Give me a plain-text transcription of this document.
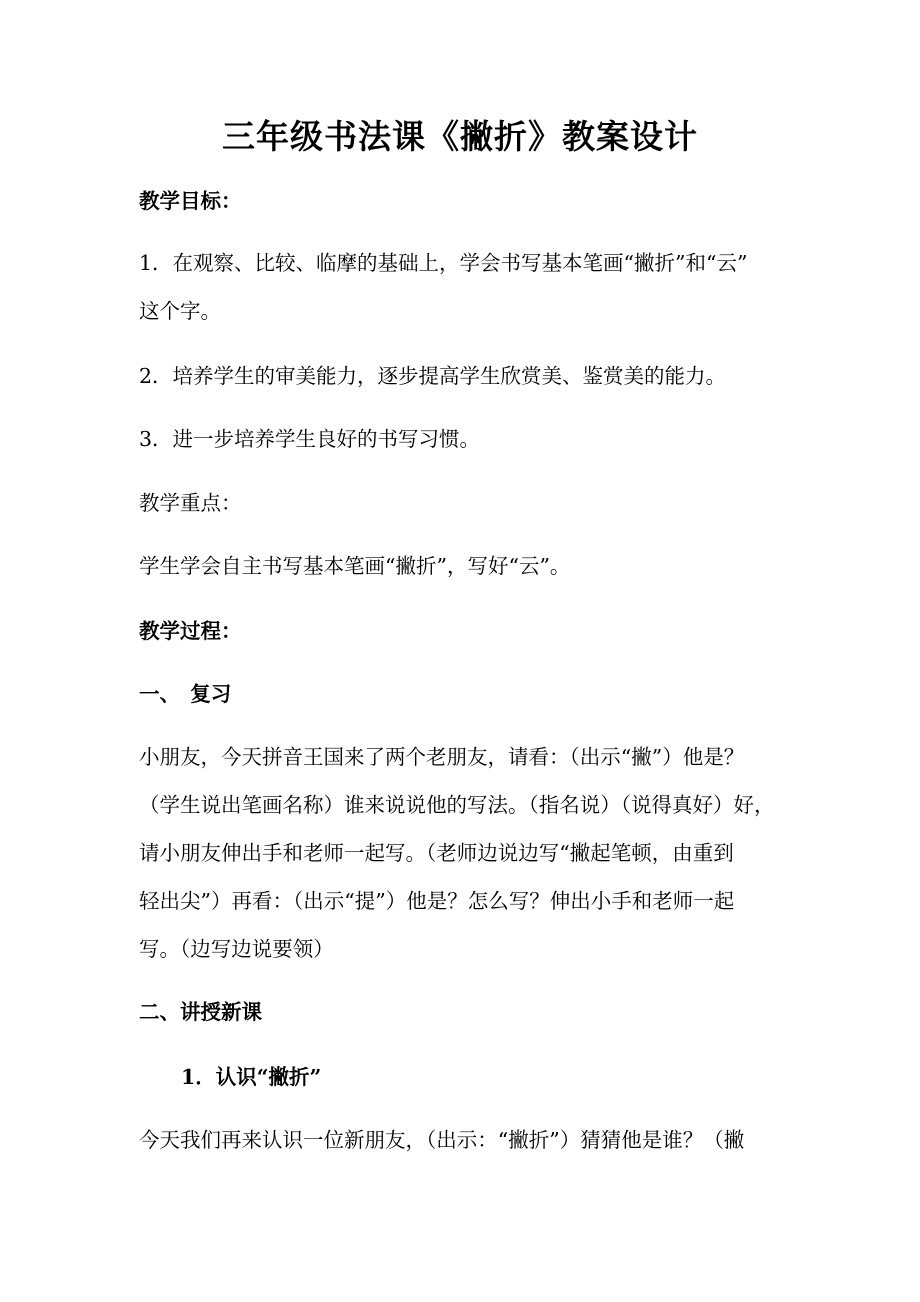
三年级书法课《撇折》教案设计
教学目标：
1．在观察、比较、临摩的基础上，学会书写基本笔画“撇折”和“云”
这个字。
2．培养学生的审美能力，逐步提高学生欣赏美、鉴赏美的能力。
3．进一步培养学生良好的书写习惯。
教学重点：
学生学会自主书写基本笔画“撇折”，写好“云”。
教学过程：
一、　复习
小朋友，今天拼音王国来了两个老朋友，请看：（出示“撇”）他是？
（学生说出笔画名称）谁来说说他的写法。（指名说）（说得真好）好，
请小朋友伸出手和老师一起写。（老师边说边写“撇起笔顿，由重到
轻出尖”）再看：（出示“提”）他是？怎么写？伸出小手和老师一起
写。（边写边说要领）
二、讲授新课
1．认识“撇折”
今天我们再来认识一位新朋友，（出示：“撇折”）猜猜他是谁？（撇
